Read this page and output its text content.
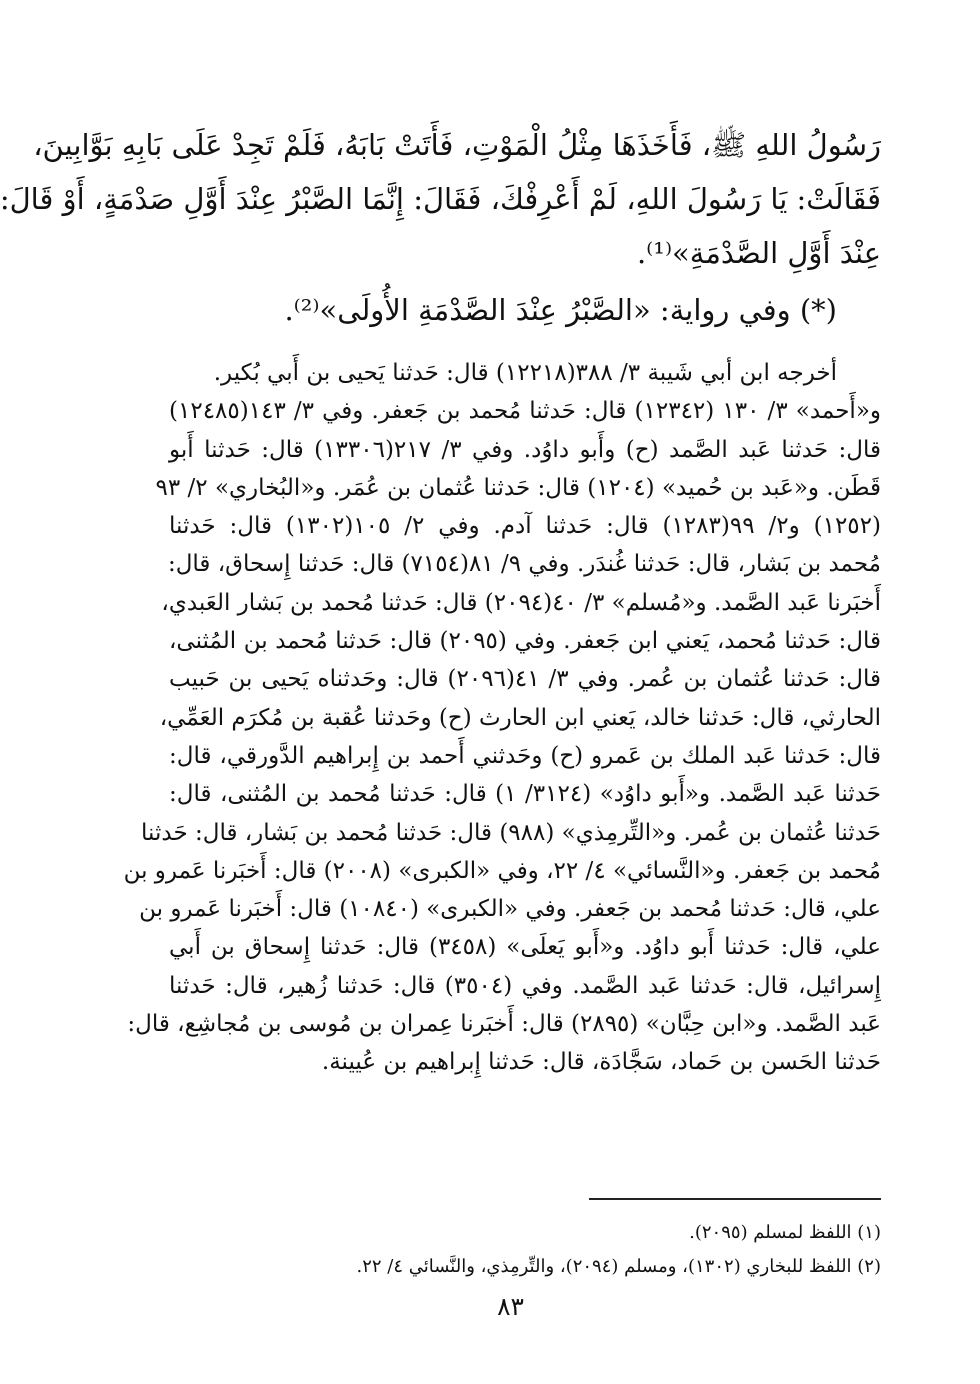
رَسُولُ اللهِ ﷺ، فَأَخَذَهَا مِثْلُ الْمَوْتِ، فَأَتَتْ بَابَهُ، فَلَمْ تَجِدْ عَلَى بَابِهِ بَوَّابِينَ،
فَقَالَتْ: يَا رَسُولَ اللهِ، لَمْ أَعْرِفْكَ، فَقَالَ: إِنَّمَا الصَّبْرُ عِنْدَ أَوَّلِ صَدْمَةٍ، أَوْ قَالَ:
عِنْدَ أَوَّلِ الصَّدْمَةِ»⁽¹⁾.
(*) وفي رواية: «الصَّبْرُ عِنْدَ الصَّدْمَةِ الأُولَى»⁽²⁾.
أخرجه ابن أبي شَيبة ٣/ ٣٨٨(١٢٢١٨) قال: حَدثنا يَحيى بن أَبي بُكير.
و«أَحمد» ٣/ ١٣٠ (١٢٣٤٢) قال: حَدثنا مُحمد بن جَعفر. وفي ٣/ ١٤٣(١٢٤٨٥)
قال: حَدثنا عَبد الصَّمد (ح) وأَبو داوُد. وفي ٣/ ٢١٧(١٣٣٠٦) قال: حَدثنا أَبو
قَطَن. و«عَبد بن حُميد» (١٢٠٤) قال: حَدثنا عُثمان بن عُمَر. و«البُخاري» ٢/ ٩٣
(١٢٥٢) و٢/ ٩٩(١٢٨٣) قال: حَدثنا آدم. وفي ٢/ ١٠٥(١٣٠٢) قال: حَدثنا
مُحمد بن بَشار، قال: حَدثنا غُندَر. وفي ٩/ ٨١(٧١٥٤) قال: حَدثنا إِسحاق، قال:
أَخبَرنا عَبد الصَّمد. و«مُسلم» ٣/ ٤٠(٢٠٩٤) قال: حَدثنا مُحمد بن بَشار العَبدي،
قال: حَدثنا مُحمد، يَعني ابن جَعفر. وفي (٢٠٩٥) قال: حَدثنا مُحمد بن المُثنى،
قال: حَدثنا عُثمان بن عُمر. وفي ٣/ ٤١(٢٠٩٦) قال: وحَدثناه يَحيى بن حَبيب
الحارثي، قال: حَدثنا خالد، يَعني ابن الحارث (ح) وحَدثنا عُقبة بن مُكرَم العَمِّي،
قال: حَدثنا عَبد الملك بن عَمرو (ح) وحَدثني أَحمد بن إِبراهيم الدَّورقي، قال:
حَدثنا عَبد الصَّمد. و«أَبو داوُد» (٣١٢٤/ ١) قال: حَدثنا مُحمد بن المُثنى، قال:
حَدثنا عُثمان بن عُمر. و«التِّرمِذي» (٩٨٨) قال: حَدثنا مُحمد بن بَشار، قال: حَدثنا
مُحمد بن جَعفر. و«النَّسائي» ٤/ ٢٢، وفي «الكبرى» (٢٠٠٨) قال: أَخبَرنا عَمرو بن
علي، قال: حَدثنا مُحمد بن جَعفر. وفي «الكبرى» (١٠٨٤٠) قال: أَخبَرنا عَمرو بن
علي، قال: حَدثنا أَبو داوُد. و«أَبو يَعلَى» (٣٤٥٨) قال: حَدثنا إِسحاق بن أَبي
إِسرائيل، قال: حَدثنا عَبد الصَّمد. وفي (٣٥٠٤) قال: حَدثنا زُهير، قال: حَدثنا
عَبد الصَّمد. و«ابن حِبَّان» (٢٨٩٥) قال: أَخبَرنا عِمران بن مُوسى بن مُجاشِع، قال:
حَدثنا الحَسن بن حَماد، سَجَّادَة، قال: حَدثنا إِبراهيم بن عُيينة.
(١) اللفظ لمسلم (٢٠٩٥).
(٢) اللفظ للبخاري (١٣٠٢)، ومسلم (٢٠٩٤)، والتِّرمِذي، والنَّسائي ٤/ ٢٢.
٨٣
